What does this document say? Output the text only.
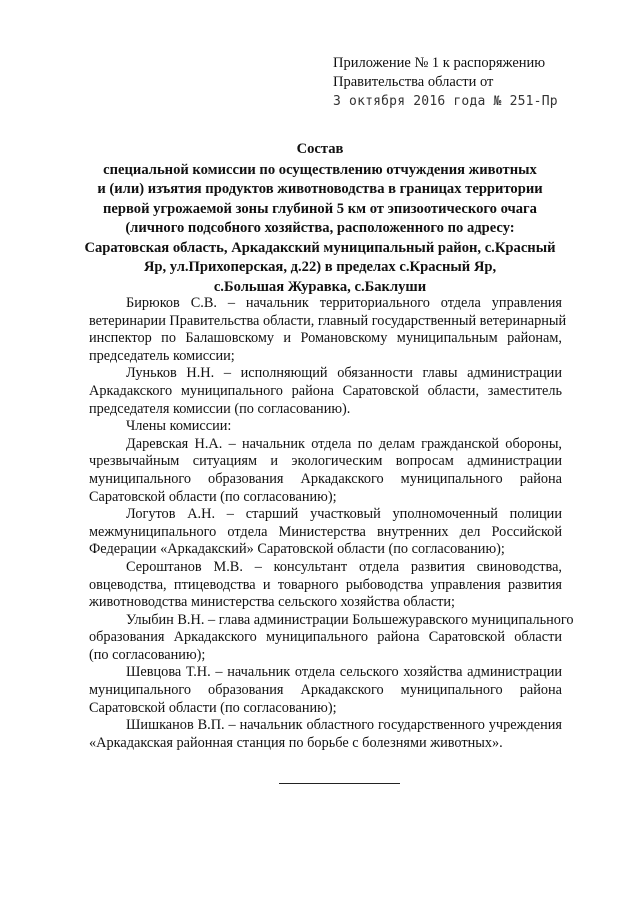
Приложение № 1 к распоряжению
Правительства области от
3 октября 2016 года № 251-Пр
Состав
специальной комиссии по осуществлению отчуждения животных
и (или) изъятия продуктов животноводства в границах территории
первой угрожаемой зоны глубиной 5 км от эпизоотического очага
(личного подсобного хозяйства, расположенного по адресу:
Саратовская область, Аркадакский муниципальный район, с.Красный
Яр, ул.Прихоперская, д.22) в пределах с.Красный Яр,
с.Большая Журавка, с.Баклуши
Бирюков С.В. – начальник территориального отдела управления
ветеринарии Правительства области, главный государственный ветеринарный
инспектор по Балашовскому и Романовскому муниципальным районам,
председатель комиссии;
Луньков Н.Н. – исполняющий обязанности главы администрации
Аркадакского муниципального района Саратовской области, заместитель
председателя комиссии (по согласованию).
Члены комиссии:
Даревская Н.А. – начальник отдела по делам гражданской обороны,
чрезвычайным ситуациям и экологическим вопросам администрации
муниципального образования Аркадакского муниципального района
Саратовской области (по согласованию);
Логутов А.Н. – старший участковый уполномоченный полиции
межмуниципального отдела Министерства внутренних дел Российской
Федерации «Аркадакский» Саратовской области (по согласованию);
Сероштанов М.В. – консультант отдела развития свиноводства,
овцеводства, птицеводства и товарного рыбоводства управления развития
животноводства министерства сельского хозяйства области;
Улыбин В.Н. – глава администрации Большежуравского муниципального
образования Аркадакского муниципального района Саратовской области
(по согласованию);
Шевцова Т.Н. – начальник отдела сельского хозяйства администрации
муниципального образования Аркадакского муниципального района
Саратовской области (по согласованию);
Шишканов В.П. – начальник областного государственного учреждения
«Аркадакская районная станция по борьбе с болезнями животных».
